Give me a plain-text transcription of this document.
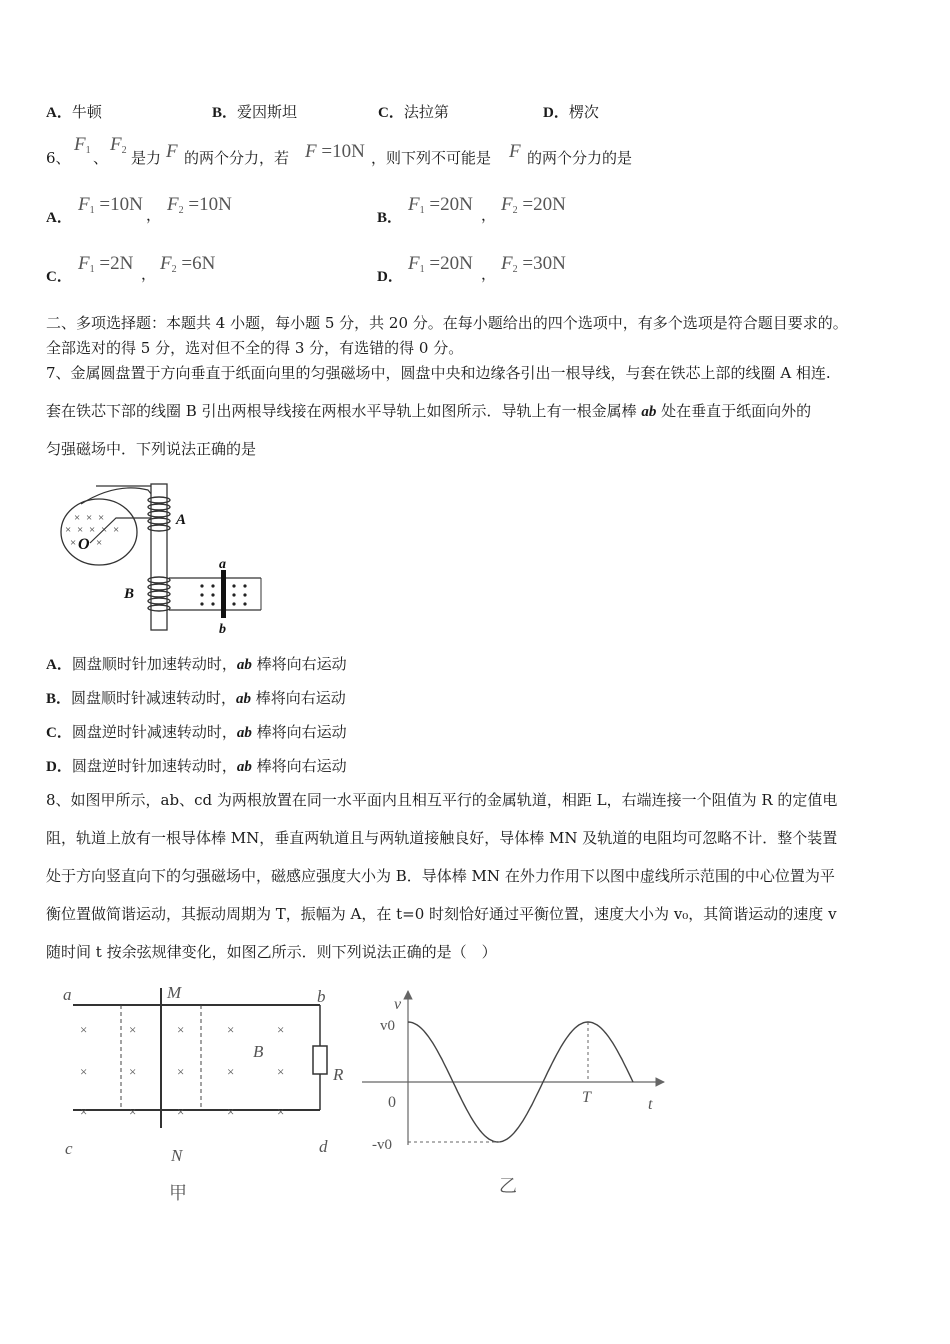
A．牛顿	B．爱因斯坦	C．法拉第	D．楞次
6、
$F_1$ 、
$F_2$ 是力 F 的两个分力，若 F =10N ，则下列不可能是 F 的两个分力的是
A．
$F_1 =10N$ ， $F_2 =10N$
B．
$F_1 =20N$ ， $F_2 =20N$
C．
$F_1 =2N$ ， $F_2 =6N$
D．
$F_1 =20N$ ， $F_2 =30N$
二、多项选择题：本题共 4 小题，每小题 5 分，共 20 分。在每小题给出的四个选项中，有多个选项是符合题目要求的。
全部选对的得 5 分，选对但不全的得 3 分，有选错的得 0 分。
7、金属圆盘置于方向垂直于纸面向里的匀强磁场中，圆盘中央和边缘各引出一根导线，与套在铁芯上部的线圈 A 相连.
套在铁芯下部的线圈 B 引出两根导线接在两根水平导轨上如图所示．导轨上有一根金属棒 ab 处在垂直于纸面向外的
匀强磁场中．下列说法正确的是
× × ×
× × × × ×
× ×
O
A
B
a
b
A．圆盘顺时针加速转动时，ab 棒将向右运动
B．圆盘顺时针减速转动时，ab 棒将向右运动
C．圆盘逆时针减速转动时，ab 棒将向右运动
D．圆盘逆时针加速转动时，ab 棒将向右运动
8、如图甲所示，ab、cd 为两根放置在同一水平面内且相互平行的金属轨道，相距 L，右端连接一个阻值为 R 的定值电
阻，轨道上放有一根导体棒 MN，垂直两轨道且与两轨道接触良好，导体棒 MN 及轨道的电阻均可忽略不计．整个装置
处于方向竖直向下的匀强磁场中，磁感应强度大小为 B．导体棒 MN 在外力作用下以图中虚线所示范围的中心位置为平
衡位置做简谐运动，其振动周期为 T，振幅为 A，在 t=0 时刻恰好通过平衡位置，速度大小为 v₀，其简谐运动的速度 v
随时间 t 按余弦规律变化，如图乙所示．则下列说法正确的是（　）
×	×	×	×	×
×	×	×	×	×
×	×	×	×	×
a	b
c	d
M
N
B
R
甲
v
v0
-v0
0	T	t
乙
